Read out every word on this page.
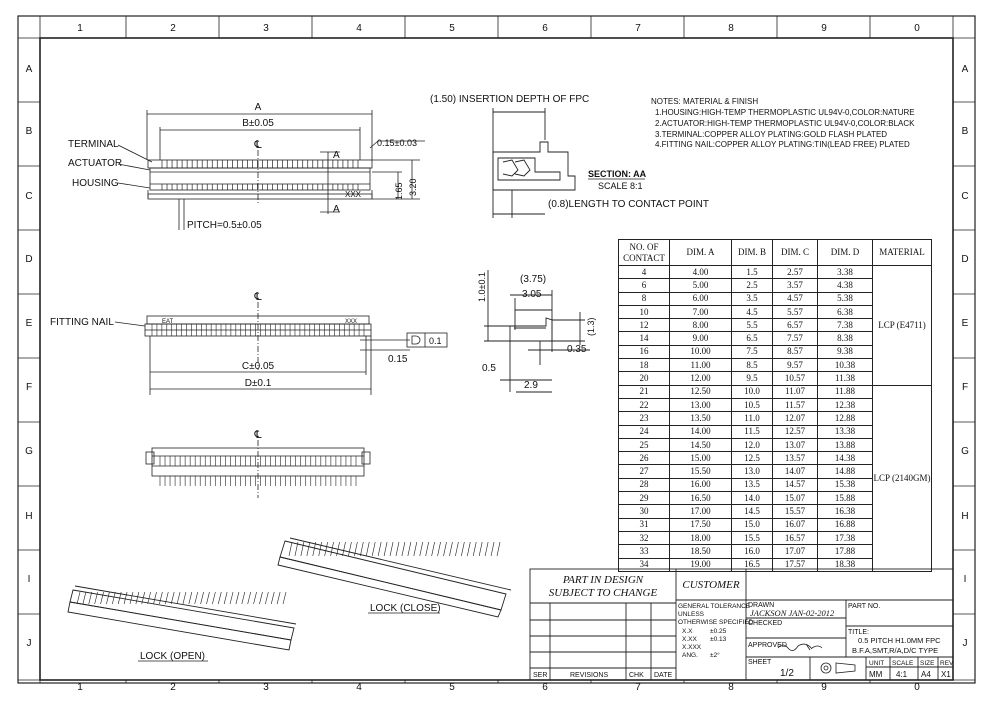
1	2	3	4	5	6	7	8	9	0
1	2	3	4	5	6	7	8	9	0
A
B
C
D
E
F
G
H
I
J
A
B
C
D
E
F
G
H
I
J
A
B±0.05
℄
TERMINAL
ACTUATOR
HOUSING
A
A
0.15±0.03
1.65 3.20
XXX
PITCH=0.5±0.05
℄
FITTING NAIL	EAT	XXX
C±0.05
D±0.1
0.15
0.1
℄
(1.50) INSERTION DEPTH OF FPC
(0.8)LENGTH TO CONTACT POINT
SECTION: AA
SCALE 8:1
(3.75)
3.05
1.0±0.1
(1.3)
0.35
0.5
2.9
NOTES: MATERIAL & FINISH
1.HOUSING:HIGH-TEMP THERMOPLASTIC UL94V-0,COLOR:NATURE
2.ACTUATOR:HIGH-TEMP THERMOPLASTIC UL94V-0,COLOR:BLACK
3.TERMINAL:COPPER ALLOY PLATING:GOLD FLASH PLATED
4.FITTING NAIL:COPPER ALLOY PLATING:TIN(LEAD FREE) PLATED
LOCK (OPEN)
LOCK (CLOSE)
PART IN DESIGN
SUBJECT TO CHANGE
CUSTOMER
GENERAL TOLERANCE
UNLESS
OTHERWISE SPECIFIED
X.X	±0.25
X.XX ±0.13
X.XXX
ANG. ±2°
DRAWN
JACKSON JAN-02-2012
CHECKED
APPROVED
PART NO.
TITLE:
0.5 PITCH H1.0MM FPC
B.F.A,SMT,R/A,D/C TYPE
SHEET
1/2
UNIT
MM
SCALE
4:1
SIZE
A4
REV
X1
SER	REVISIONS	CHK DATE
NO. OF CONTACT	DIM. A	DIM. B	DIM. C	DIM. D	MATERIAL
4	4.00	1.5	2.57	3.38	LCP (E4711)
6	5.00	2.5	3.57	4.38	
8	6.00	3.5	4.57	5.38	
10	7.00	4.5	5.57	6.38	
12	8.00	5.5	6.57	7.38	
14	9.00	6.5	7.57	8.38	
16	10.00	7.5	8.57	9.38	
18	11.00	8.5	9.57	10.38	
20	12.00	9.5	10.57	11.38	
21	12.50	10.0	11.07	11.88	LCP (2140GM)
22	13.00	10.5	11.57	12.38	
23	13.50	11.0	12.07	12.88	
24	14.00	11.5	12.57	13.38	
25	14.50	12.0	13.07	13.88	
26	15.00	12.5	13.57	14.38	
27	15.50	13.0	14.07	14.88	
28	16.00	13.5	14.57	15.38	
29	16.50	14.0	15.07	15.88	
30	17.00	14.5	15.57	16.38	
31	17.50	15.0	16.07	16.88	
32	18.00	15.5	16.57	17.38	
33	18.50	16.0	17.07	17.88	
34	19.00	16.5	17.57	18.38	
